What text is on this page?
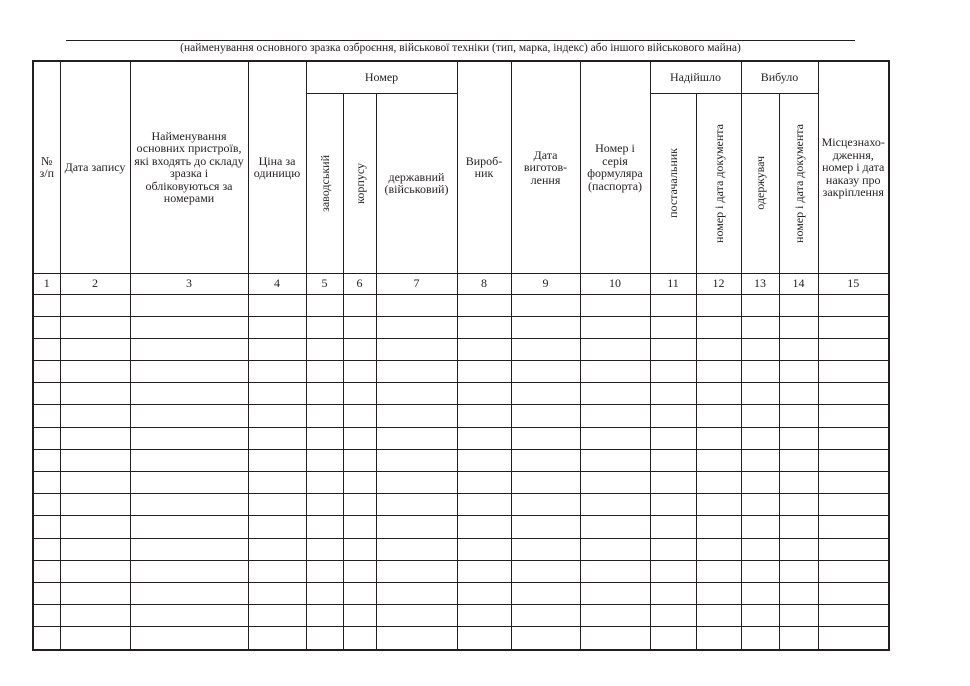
(найменування основного зразка озброєння, військової техніки (тип, марка, індекс) або іншого військового майна)
№ з/п	Дата запису	Найменування основних пристроїв, які входять до складу зразка і обліковуються за номерами	Ціна за одиницю	Номер			Вироб-ник	Дата виготов-лення	Номер і серія формуляра (паспорта)	Надійшло		Вибуло		Місцезнахо-дження, номер і дата наказу про закріплення

				заводський	корпусу	державний (військовий)				постачальник	номер і дата документа	одержувач	номер і дата документа	

1	2	3	4	5	6	7	8	9	10	11	12	13	14	15
